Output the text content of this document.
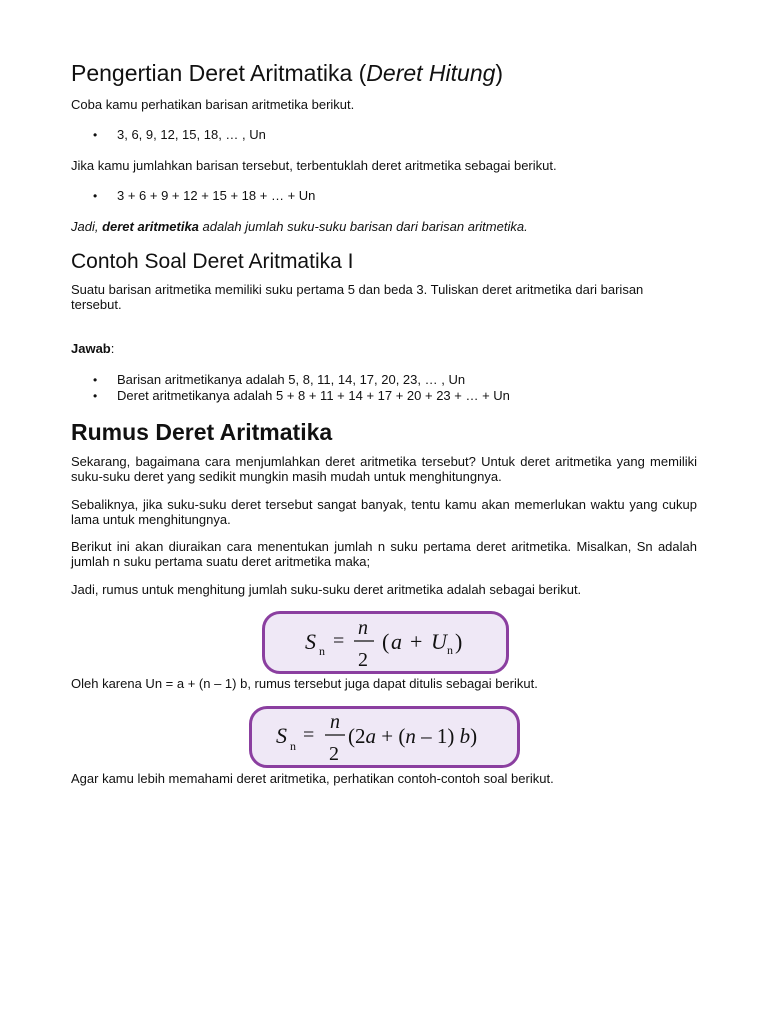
Pengertian Deret Aritmatika (Deret Hitung)

Coba kamu perhatikan barisan aritmetika berikut.

• 3, 6, 9, 12, 15, 18, … , Un

Jika kamu jumlahkan barisan tersebut, terbentuklah deret aritmetika sebagai berikut.

• 3 + 6 + 9 + 12 + 15 + 18 + … + Un

Jadi, deret aritmetika adalah jumlah suku-suku barisan dari barisan aritmetika.

Contoh Soal Deret Aritmatika I

Suatu barisan aritmetika memiliki suku pertama 5 dan beda 3. Tuliskan deret aritmetika dari barisan tersebut.

Jawab:

• Barisan aritmetikanya adalah 5, 8, 11, 14, 17, 20, 23, … , Un
• Deret aritmetikanya adalah 5 + 8 + 11 + 14 + 17 + 20 + 23 + … + Un
Rumus Deret Aritmatika

Sekarang, bagaimana cara menjumlahkan deret aritmetika tersebut? Untuk deret aritmetika yang memiliki suku-suku deret yang sedikit mungkin masih mudah untuk menghitungnya.

Sebaliknya, jika suku-suku deret tersebut sangat banyak, tentu kamu akan memerlukan waktu yang cukup lama untuk menghitungnya.

Berikut ini akan diuraikan cara menentukan jumlah n suku pertama deret aritmetika. Misalkan, Sn adalah jumlah n suku pertama suatu deret aritmetika maka;

Jadi, rumus untuk menghitung jumlah suku-suku deret aritmetika adalah sebagai berikut.

S n =
n
2
( a + U n )

Oleh karena Un = a + (n – 1) b, rumus tersebut juga dapat ditulis sebagai berikut.

S n =
n
2
(2a + (n – 1) b)

Agar kamu lebih memahami deret aritmetika, perhatikan contoh-contoh soal berikut.
